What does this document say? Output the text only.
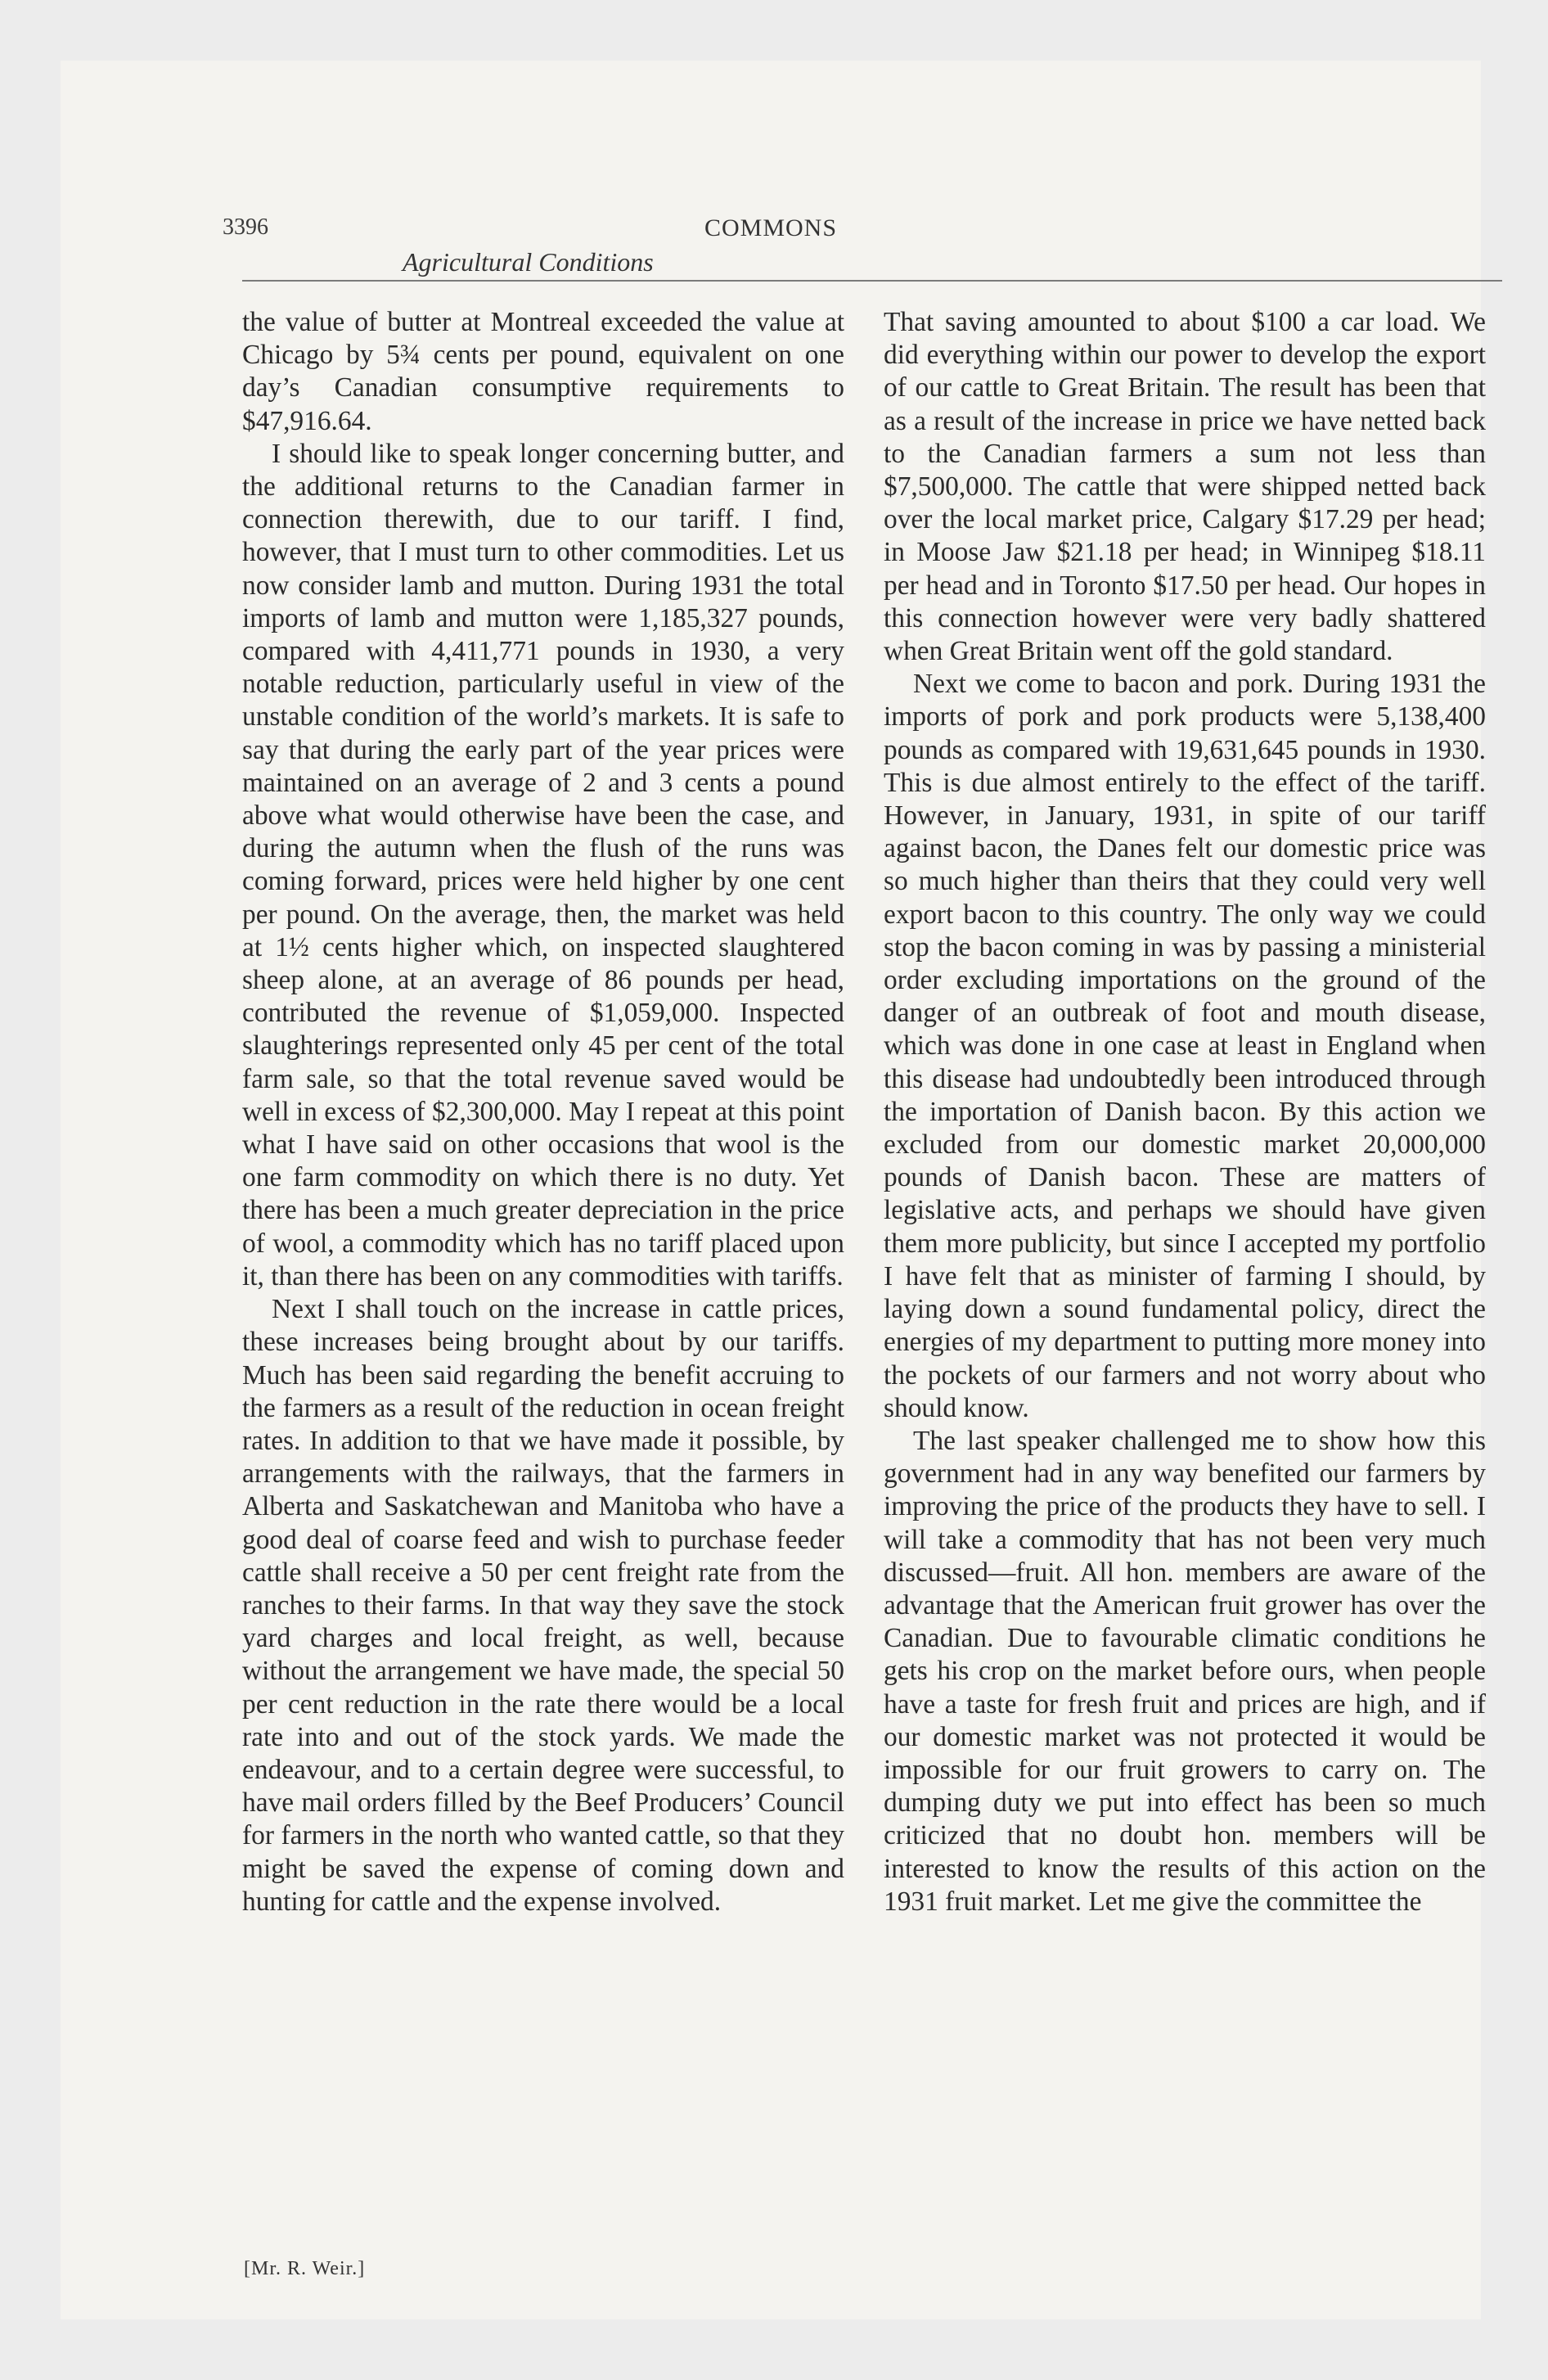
3396	COMMONS
Agricultural Conditions

the value of butter at Montreal exceeded the value at Chicago by 5¾ cents per pound, equivalent on one day’s Canadian consumptive requirements to $47,916.64.

I should like to speak longer concerning butter, and the additional returns to the Canadian farmer in connection therewith, due to our tariff. I find, however, that I must turn to other commodities. Let us now consider lamb and mutton. During 1931 the total imports of lamb and mutton were 1,185,327 pounds, compared with 4,411,771 pounds in 1930, a very notable reduction, particularly useful in view of the unstable condition of the world’s markets. It is safe to say that during the early part of the year prices were maintained on an average of 2 and 3 cents a pound above what would otherwise have been the case, and during the autumn when the flush of the runs was coming forward, prices were held higher by one cent per pound. On the average, then, the market was held at 1½ cents higher which, on inspected slaughtered sheep alone, at an average of 86 pounds per head, contributed the revenue of $1,059,000. Inspected slaughterings represented only 45 per cent of the total farm sale, so that the total revenue saved would be well in excess of $2,300,000. May I repeat at this point what I have said on other occasions that wool is the one farm commodity on which there is no duty. Yet there has been a much greater depreciation in the price of wool, a commodity which has no tariff placed upon it, than there has been on any commodities with tariffs.

Next I shall touch on the increase in cattle prices, these increases being brought about by our tariffs. Much has been said regarding the benefit accruing to the farmers as a result of the reduction in ocean freight rates. In addition to that we have made it possible, by arrangements with the railways, that the farmers in Alberta and Saskatchewan and Manitoba who have a good deal of coarse feed and wish to purchase feeder cattle shall receive a 50 per cent freight rate from the ranches to their farms. In that way they save the stock yard charges and local freight, as well, because without the arrangement we have made, the special 50 per cent reduction in the rate there would be a local rate into and out of the stock yards. We made the endeavour, and to a certain degree were successful, to have mail orders filled by the Beef Producers’ Council for farmers in the north who wanted cattle, so that they might be saved the expense of coming down and hunting for cattle and the expense involved.

That saving amounted to about $100 a car load. We did everything within our power to develop the export of our cattle to Great Britain. The result has been that as a result of the increase in price we have netted back to the Canadian farmers a sum not less than $7,500,000. The cattle that were shipped netted back over the local market price, Calgary $17.29 per head; in Moose Jaw $21.18 per head; in Winnipeg $18.11 per head and in Toronto $17.50 per head. Our hopes in this connection however were very badly shattered when Great Britain went off the gold standard.

Next we come to bacon and pork. During 1931 the imports of pork and pork products were 5,138,400 pounds as compared with 19,631,645 pounds in 1930. This is due almost entirely to the effect of the tariff. However, in January, 1931, in spite of our tariff against bacon, the Danes felt our domestic price was so much higher than theirs that they could very well export bacon to this country. The only way we could stop the bacon coming in was by passing a ministerial order excluding importations on the ground of the danger of an outbreak of foot and mouth disease, which was done in one case at least in England when this disease had undoubtedly been introduced through the importation of Danish bacon. By this action we excluded from our domestic market 20,000,000 pounds of Danish bacon. These are matters of legislative acts, and perhaps we should have given them more publicity, but since I accepted my portfolio I have felt that as minister of farming I should, by laying down a sound fundamental policy, direct the energies of my department to putting more money into the pockets of our farmers and not worry about who should know.

The last speaker challenged me to show how this government had in any way benefited our farmers by improving the price of the products they have to sell. I will take a commodity that has not been very much discussed—fruit. All hon. members are aware of the advantage that the American fruit grower has over the Canadian. Due to favourable climatic conditions he gets his crop on the market before ours, when people have a taste for fresh fruit and prices are high, and if our domestic market was not protected it would be impossible for our fruit growers to carry on. The dumping duty we put into effect has been so much criticized that no doubt hon. members will be interested to know the results of this action on the 1931 fruit market. Let me give the committee the

[Mr. R. Weir.]
